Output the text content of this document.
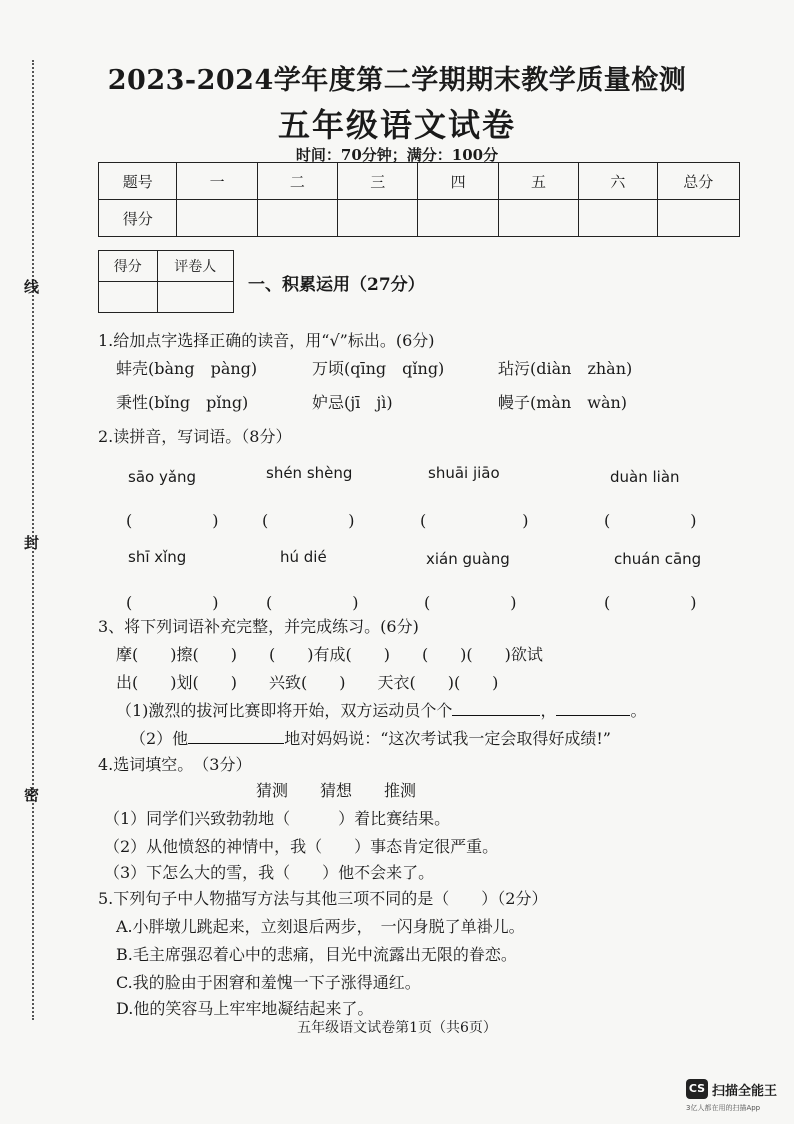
线
封
密
2023-2024学年度第二学期期末教学质量检测
五年级语文试卷
时间：70分钟；满分：100分
题号	一	二	三	四	五	六	总分
得分							
得分	评卷人

一、积累运用（27分）
1.给加点字选择正确的读音，用“√”标出。(6分)
蚌壳(bàng　pàng)	万顷(qīng　qǐng)	玷污(diàn　zhàn)
秉性(bǐng　pǐng)	妒忌(jī　jì)	幔子(màn　wàn)
2.读拼音，写词语。（8分）
sāo yǎng	shén shèng	shuāi jiāo	duàn liàn
(　　　　　)	(　　　　　)	(　　　　　　)	(　　　　　)
shī xǐng	hú dié	xián guàng	chuán cāng
(　　　　　)	(　　　　　)	(　　　　　)	(　　　　　)
3、将下列词语补充完整，并完成练习。(6分)
摩(　　)擦(　　)　　(　　)有成(　　)　　(　　)(　　)欲试
出(　　)划(　　)　　兴致(　　)　　天衣(　　)(　　)
（1)激烈的拔河比赛即将开始，双方运动员个个	，	。
（2）他	地对妈妈说：“这次考试我一定会取得好成绩!”
4.选词填空。　（3分）
猜测　　猜想　　推测
（1）同学们兴致勃勃地（　　　）着比赛结果。
（2）从他愤怒的神情中，我（　　）事态肯定很严重。
（3）下怎么大的雪，我（　　）他不会来了。
5.下列句子中人物描写方法与其他三项不同的是（　　）（2分）
A.小胖墩儿跳起来，立刻退后两步，　一闪身脱了单褂儿。
B.毛主席强忍着心中的悲痛，目光中流露出无限的眷恋。
C.我的脸由于困窘和羞愧一下子涨得通红。
D.他的笑容马上牢牢地凝结起来了。
五年级语文试卷第1页（共6页）
CS 扫描全能王
3亿人都在用的扫描App
